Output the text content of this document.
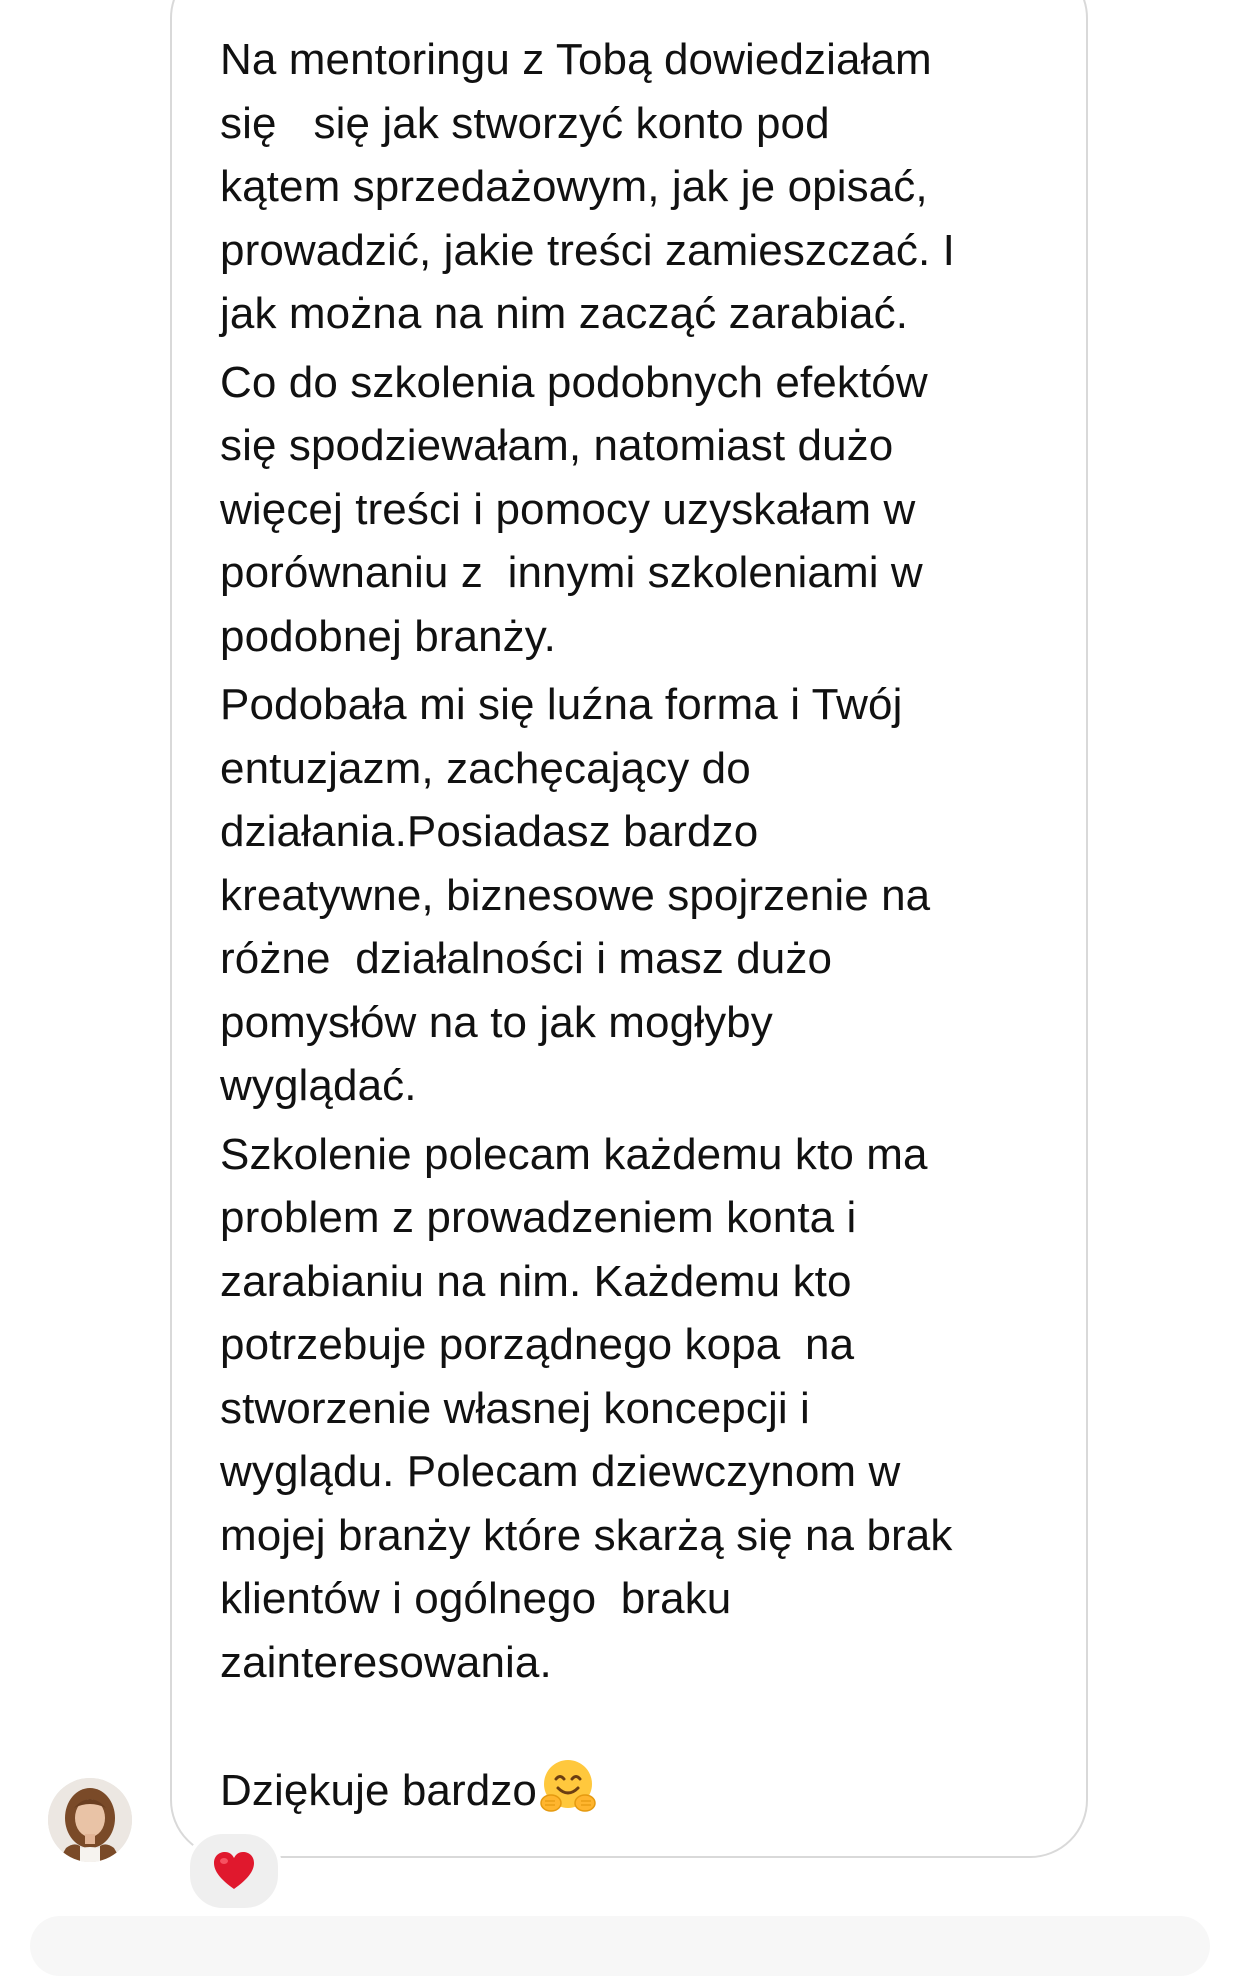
Na mentoringu z Tobą dowiedziałam
się   się jak stworzyć konto pod
kątem sprzedażowym, jak je opisać,
prowadzić, jakie treści zamieszczać. I
jak można na nim zacząć zarabiać.

Co do szkolenia podobnych efektów
się spodziewałam, natomiast dużo
więcej treści i pomocy uzyskałam w
porównaniu z  innymi szkoleniami w
podobnej branży.

Podobała mi się luźna forma i Twój
entuzjazm, zachęcający do
działania.Posiadasz bardzo
kreatywne, biznesowe spojrzenie na
różne  działalności i masz dużo
pomysłów na to jak mogłyby
wyglądać.

Szkolenie polecam każdemu kto ma
problem z prowadzeniem konta i
zarabianiu na nim. Każdemu kto
potrzebuje porządnego kopa  na
stworzenie własnej koncepcji i
wyglądu. Polecam dziewczynom w
mojej branży które skarżą się na brak
klientów i ogólnego  braku
zainteresowania.

Dziękuje bardzo
